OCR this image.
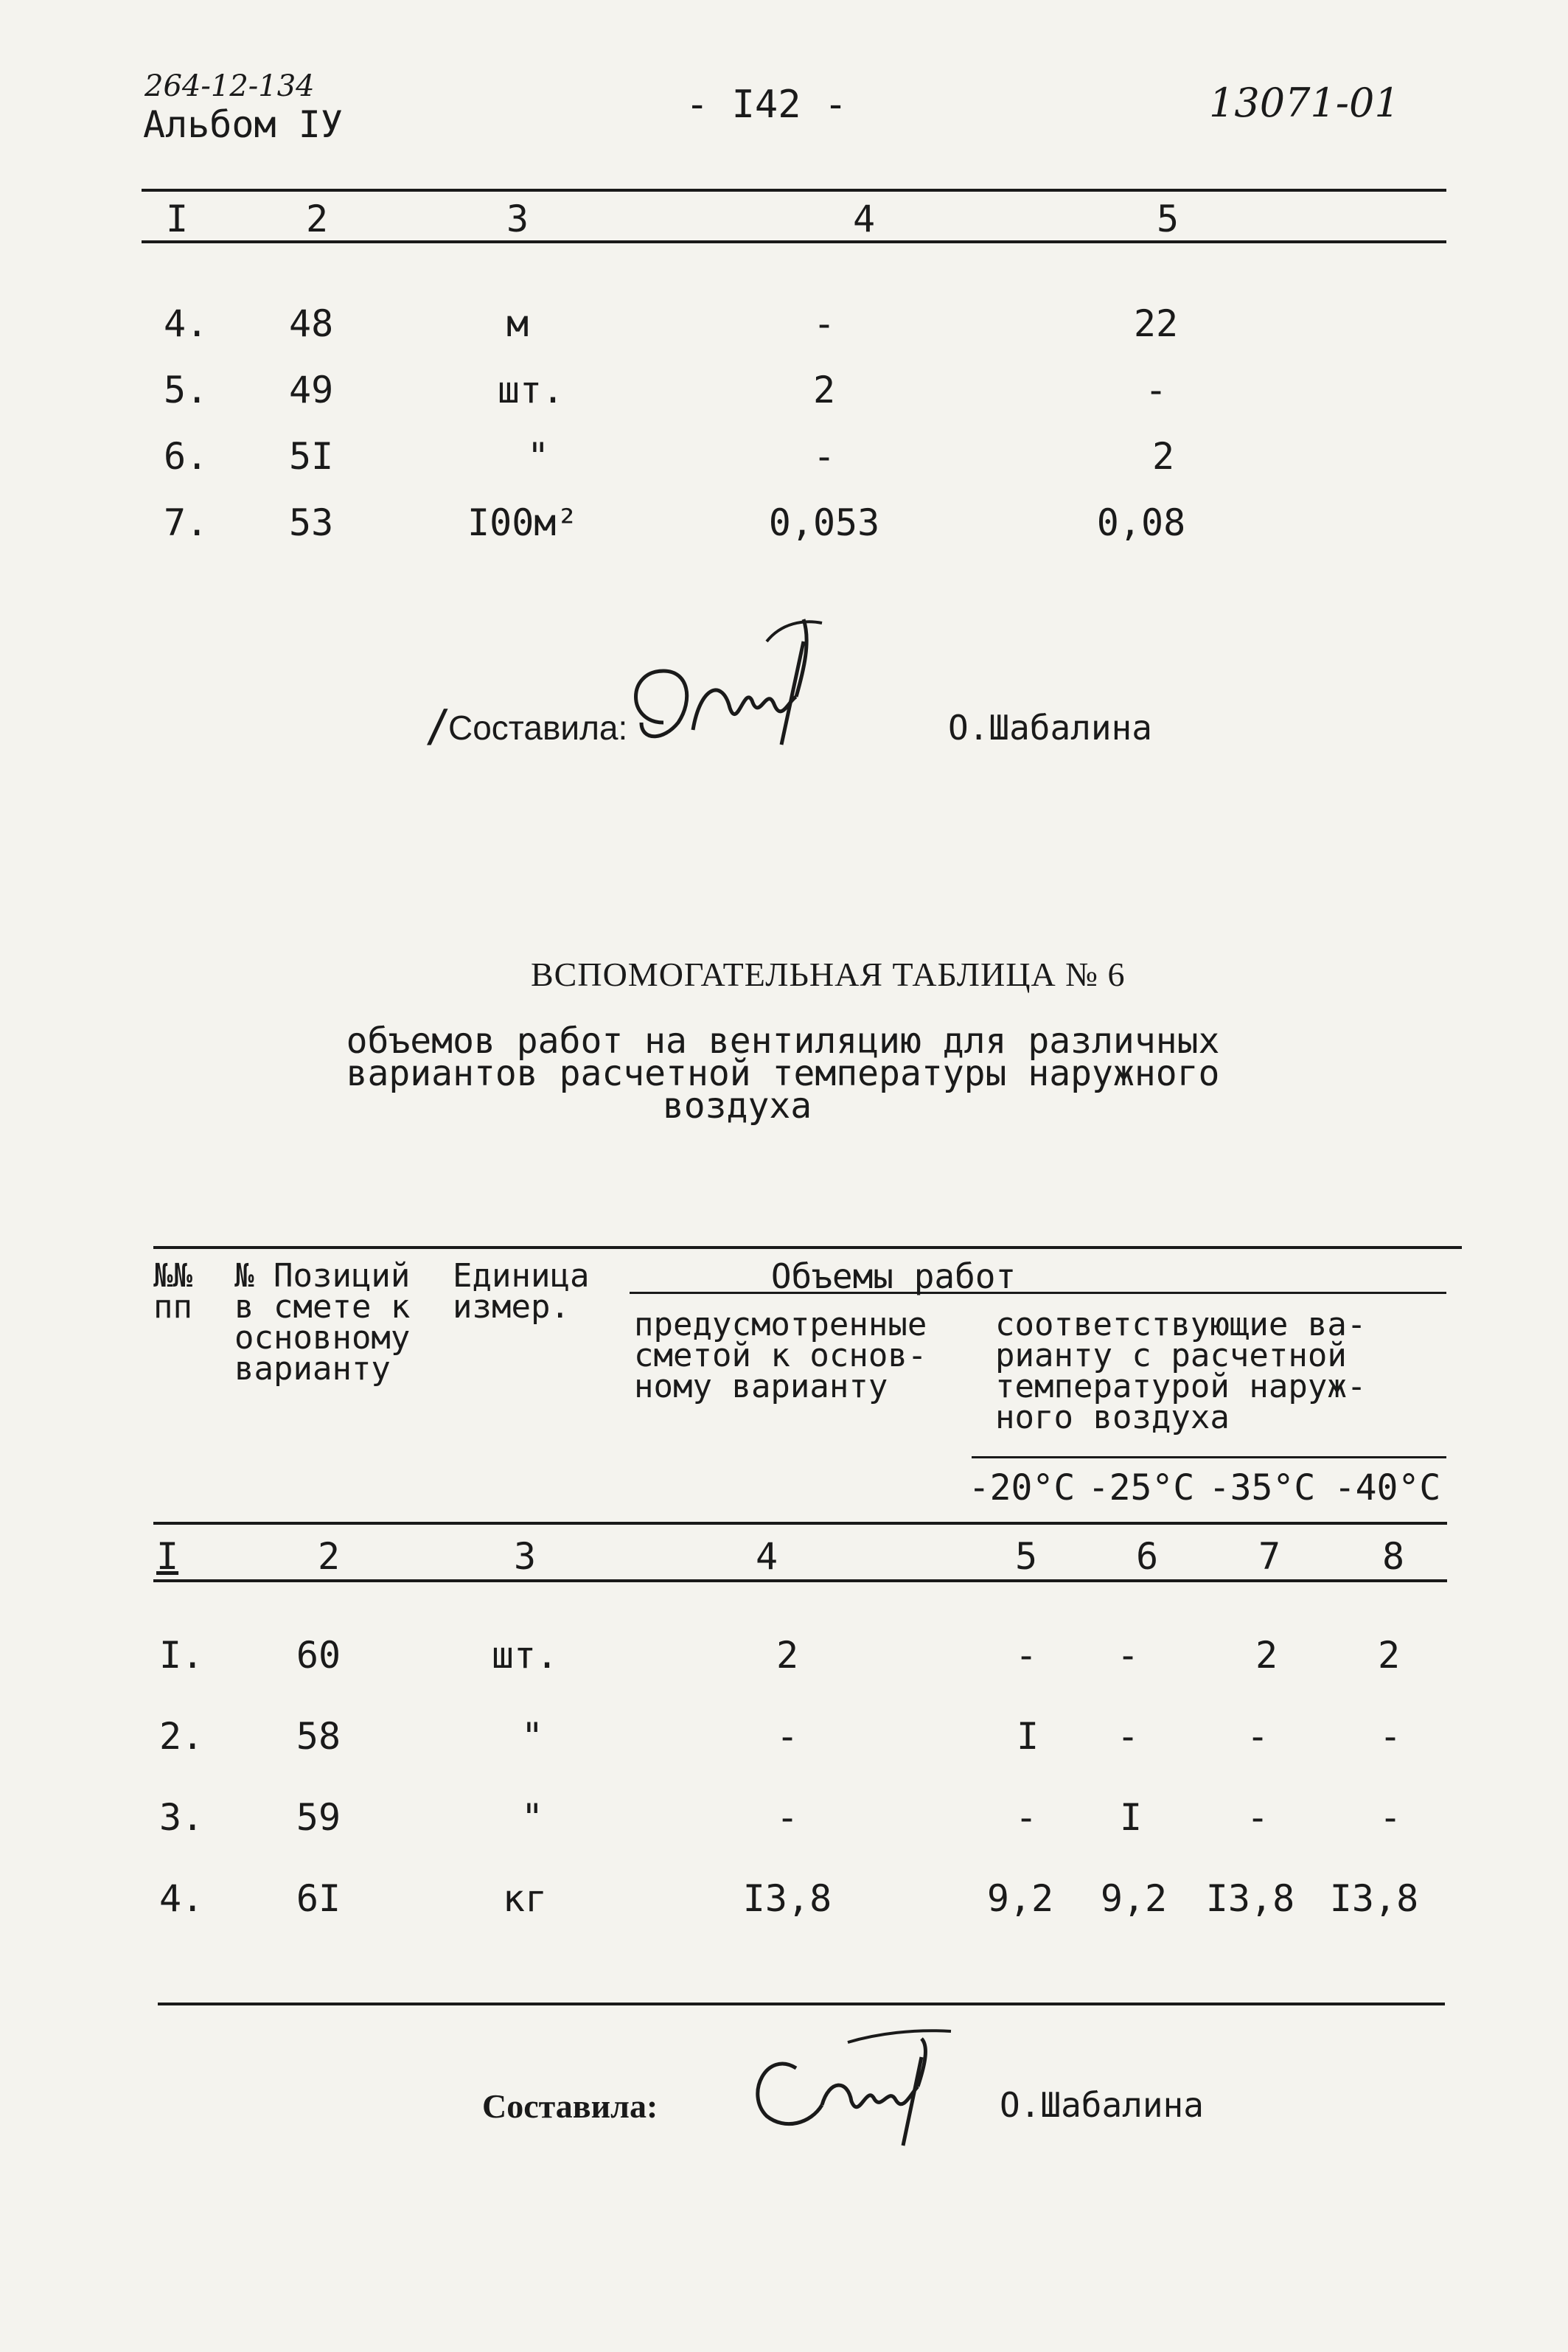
264-12-134
Альбом IУ	- I42 -	13071-01
I	2	3	4	5
4. 48	м	-	22
5. 49	шт.	2	-
6. 5I	"	-	2
7. 53	I00м²	0,053	0,08
/
Составила:	О.Шабалина
ВСПОМОГАТЕЛЬНАЯ ТАБЛИЦА № 6
объемов работ на вентиляцию для различных
вариантов расчетной температуры наружного
воздуха
№№
пп
№ Позиций
в смете к
основному
варианту
Единица
измер.
Объемы работ
предусмотренные
сметой к основ-
ному варианту
соответствующие ва-
рианту с расчетной
температурой наруж-
ного воздуха
-20°C -25°C -35°C -40°C
I	2	3	4	5	6	7	8
I.	60	шт.	2	- -	2	2
2.	58	"	-	I -	-	-
3.	59	"	-	- I	-	-
4.	6I	кг	I3,8	9,2 9,2 I3,8 I3,8
Составила:	О.Шабалина
